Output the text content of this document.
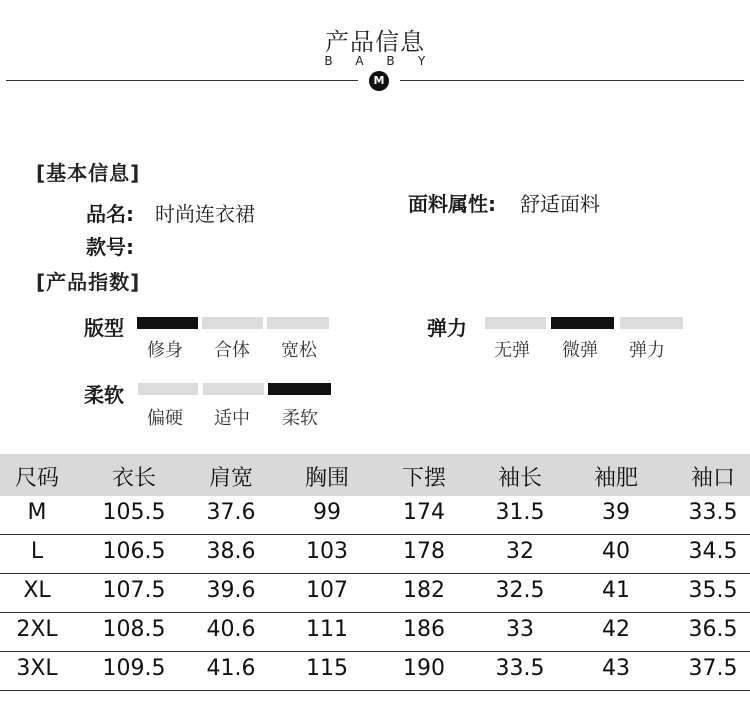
产品信息
B A B Y
M
[基本信息]
品名: 时尚连衣裙
款号:
面料属性: 舒适面料
[产品指数]
版型
修身 合体 宽松
弹力
无弹 微弹 弹力
柔软
偏硬 适中 柔软
尺码	衣长	肩宽	胸围	下摆	袖长	袖肥	袖口
M	105.5	37.6	99	174	31.5	39	33.5
L	106.5	38.6	103	178	32	40	34.5
XL	107.5	39.6	107	182	32.5	41	35.5
2XL	108.5	40.6	111	186	33	42	36.5
3XL	109.5	41.6	115	190	33.5	43	37.5
